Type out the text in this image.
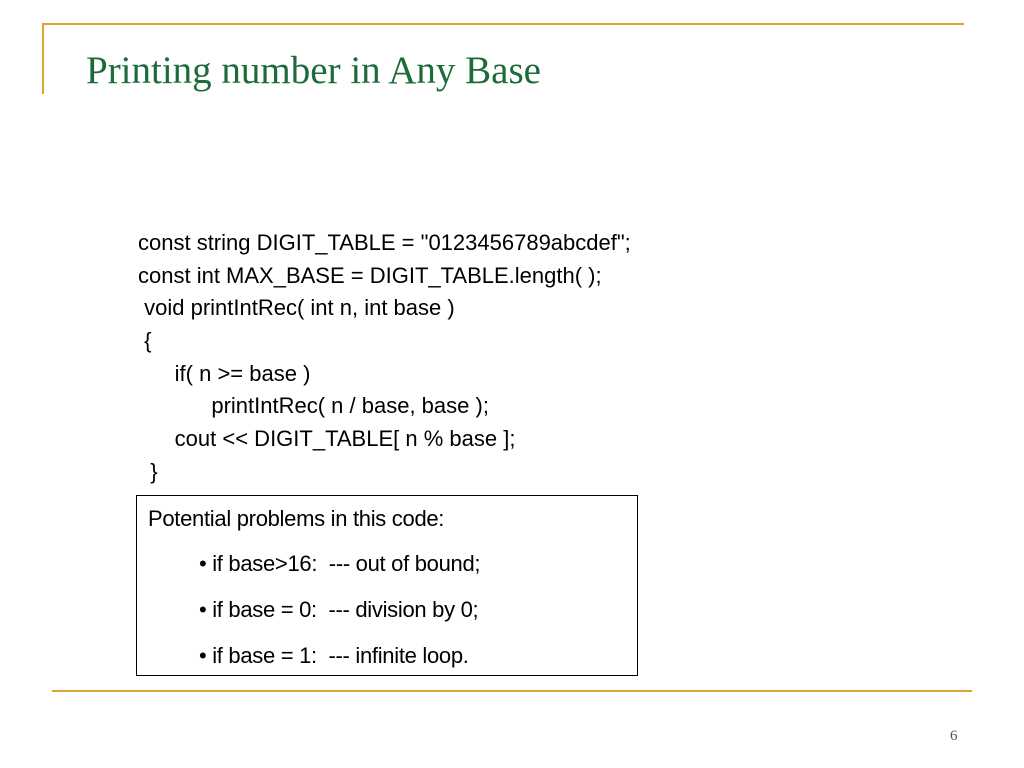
Printing number in Any Base
const string DIGIT_TABLE = "0123456789abcdef";
const int MAX_BASE = DIGIT_TABLE.length( );
void printIntRec( int n, int base )
{
if( n >= base )
printIntRec( n / base, base );
cout << DIGIT_TABLE[ n % base ];
}
Potential problems in this code:
• if base>16:  --- out of bound;
• if base = 0:  --- division by 0;
• if base = 1:  --- infinite loop.
6
